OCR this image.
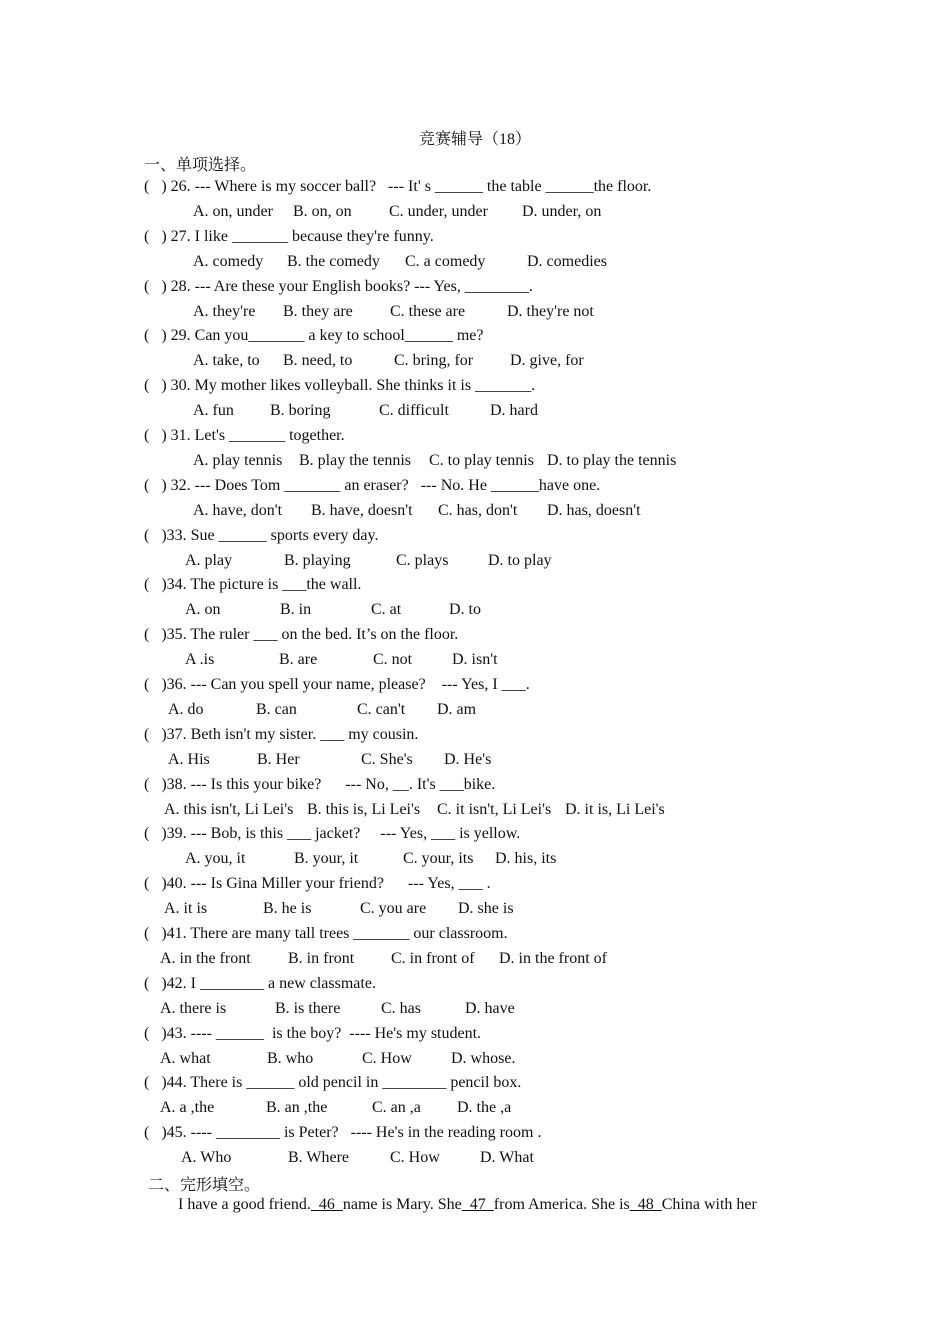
竞赛辅导（18）
一、单项选择。
(   ) 26. --- Where is my soccer ball?   --- It' s ______ the table ______the floor.
A. on, under B. on, on C. under, under D. under, on
(   ) 27. I like _______ because they're funny.
A. comedy B. the comedy C. a comedy	D. comedies
(   ) 28. --- Are these your English books? --- Yes, ________.
A. they're B. they are C. these are	D. they're not
(   ) 29. Can you_______ a key to school______ me?
A. take, to B. need, to	C. bring, for D. give, for
(   ) 30. My mother likes volleyball. She thinks it is _______.
A. fun B. boring	C. difficult	D. hard
(   ) 31. Let's _______ together.
A. play tennis B. play the tennis C. to play tennis D. to play the tennis
(   ) 32. --- Does Tom _______ an eraser?   --- No. He ______have one.
A. have, don't B. have, doesn't C. has, don't D. has, doesn't
(   )33. Sue ______ sports every day.
A. play	B. playing	C. plays D. to play
(   )34. The picture is ___the wall.
A. on	B. in	C. at	D. to
(   )35. The ruler ___ on the bed. It’s on the floor.
A .is	B. are	C. not D. isn't
(   )36. --- Can you spell your name, please?    --- Yes, I ___.
A. do	B. can	C. can't D. am
(   )37. Beth isn't my sister. ___ my cousin.
A. His	B. Her	C. She's D. He's
(   )38. --- Is this your bike?      --- No, __. It's ___bike.
A. this isn't, Li Lei's B. this is, Li Lei's C. it isn't, Li Lei's D. it is, Li Lei's
(   )39. --- Bob, is this ___ jacket?     --- Yes, ___ is yellow.
A. you, it	B. your, it	C. your, its D. his, its
(   )40. --- Is Gina Miller your friend?      --- Yes, ___ .
A. it is	B. he is	C. you are D. she is
(   )41. There are many tall trees _______ our classroom.
A. in the front B. in front C. in front of D. in the front of
(   )42. I ________ a new classmate.
A. there is	B. is there	C. has	D. have
(   )43. ---- ______  is the boy?  ---- He's my student.
A. what	B. who	C. How D. whose.
(   )44. There is ______ old pencil in ________ pencil box.
A. a ,the	B. an ,the	C. an ,a D. the ,a
(   )45. ---- ________ is Peter?   ---- He's in the reading room .
A. Who	B. Where	C. How	D. What
二、完形填空。
I have a good friend.  46  name is Mary. She  47  from America. She is  48  China with her
